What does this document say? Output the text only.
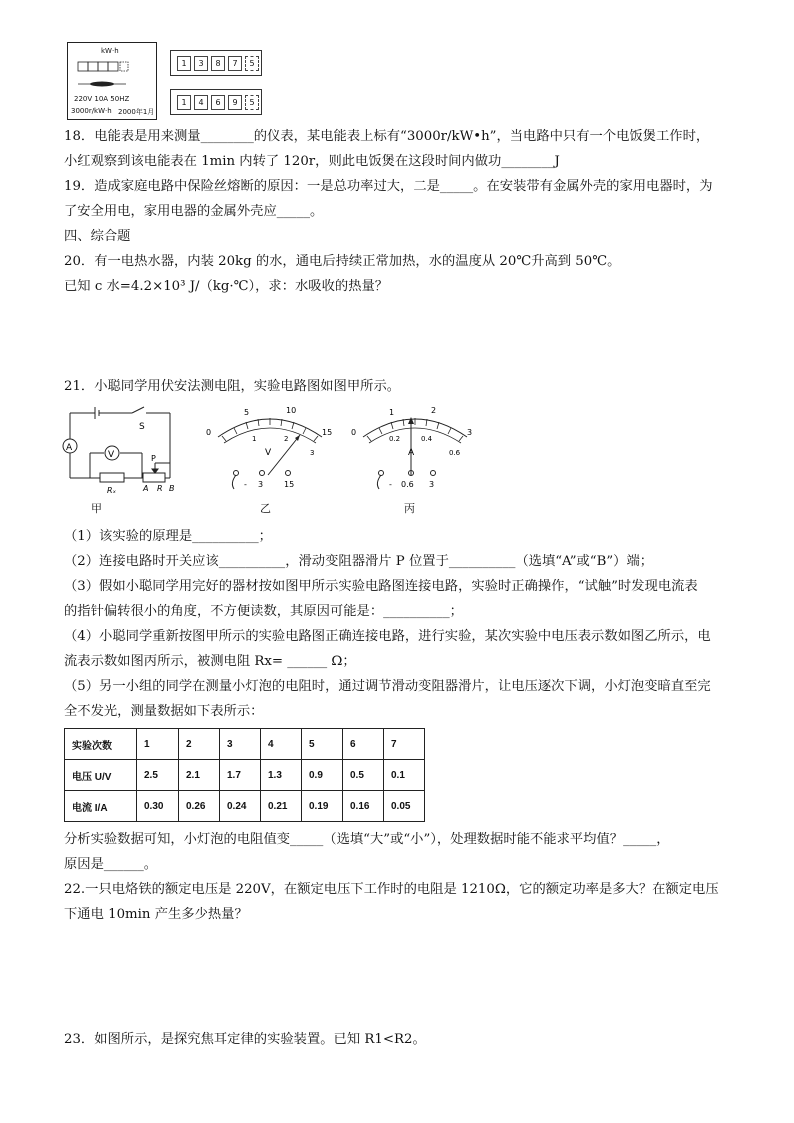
kW·h
220V 10A 50HZ
3000r/kW·h 2000年1月
1	3	8	7	5
1	4	6	9	5
18．电能表是用来测量________的仪表，某电能表上标有“3000r/kW•h”，当电路中只有一个电饭煲工作时，
小红观察到该电能表在 1min 内转了 120r，则此电饭煲在这段时间内做功________J
19．造成家庭电路中保险丝熔断的原因：一是总功率过大，二是_____。在安装带有金属外壳的家用电器时，为
了安全用电，家用电器的金属外壳应_____。
四、综合题
20．有一电热水器，内装 20kg 的水，通电后持续正常加热，水的温度从 20℃升高到 50℃。
已知 c 水=4.2×10³ J/（kg·℃），求：水吸收的热量？
21．小聪同学用伏安法测电阻，实验电路图如图甲所示。
A
V
S
P
Rₓ	A R B
甲
0
5	10
15
1	2
3
V
- 3	15
乙
0
1	2
3
0.2	0.4
0.6
A
- 0.6 3
丙
（1）该实验的原理是__________；
（2）连接电路时开关应该__________，滑动变阻器滑片 P 位置于__________（选填“A”或“B”）端；
（3）假如小聪同学用完好的器材按如图甲所示实验电路图连接电路，实验时正确操作，“试触”时发现电流表
的指针偏转很小的角度，不方便读数，其原因可能是：__________；
（4）小聪同学重新按图甲所示的实验电路图正确连接电路，进行实验，某次实验中电压表示数如图乙所示，电
流表示数如图丙所示，被测电阻 Rx= ______ Ω；
（5）另一小组的同学在测量小灯泡的电阻时，通过调节滑动变阻器滑片，让电压逐次下调，小灯泡变暗直至完
全不发光，测量数据如下表所示：
实验次数	1	2	3	4	5	6	7
电压 U/V	2.5	2.1	1.7	1.3	0.9	0.5	0.1
电流 I/A	0.30	0.26	0.24	0.21	0.19	0.16	0.05
分析实验数据可知，小灯泡的电阻值变_____（选填“大”或“小”），处理数据时能不能求平均值？_____，
原因是______。
22.一只电烙铁的额定电压是 220V，在额定电压下工作时的电阻是 1210Ω，它的额定功率是多大？在额定电压
下通电 10min 产生多少热量？
23．如图所示，是探究焦耳定律的实验装置。已知 R1<R2。
